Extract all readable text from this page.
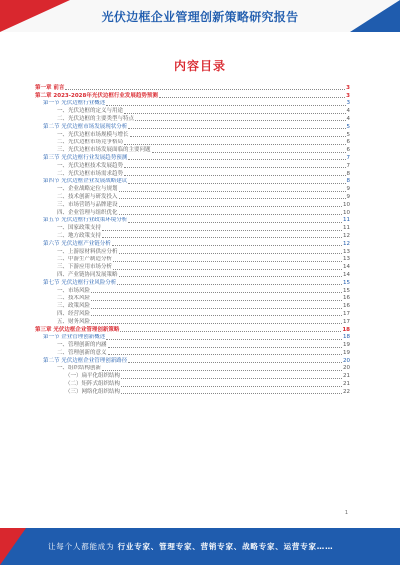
光伏边框企业管理创新策略研究报告
内容目录
第一章 前言	3
第二章 2023-2028年光伏边框行业发展趋势预测	3
第一节 光伏边框行业概述	3
一、光伏边框的定义与用途	4
二、光伏边框的主要类型与特点	4
第二节 光伏边框市场发展现状分析	5
一、光伏边框市场规模与增长	5
二、光伏边框市场竞争格局	6
三、光伏边框市场发展面临的主要问题	6
第三节 光伏边框行业发展趋势预测	7
一、光伏边框技术发展趋势	7
二、光伏边框市场需求趋势	8
第四节 光伏边框企业发展战略建议	8
一、企业战略定位与规划	9
二、技术创新与研发投入	9
三、市场营销与品牌建设	10
四、企业管理与组织优化	10
第五节 光伏边框行业政策环境分析	11
一、国家政策支持	11
二、地方政策支持	12
第六节 光伏边框产业链分析	12
一、上游原材料供应分析	13
二、中游生产制造分析	13
三、下游应用市场分析	14
四、产业链协同发展策略	14
第七节 光伏边框行业风险分析	15
一、市场风险	15
二、技术风险	16
三、政策风险	16
四、经营风险	17
五、财务风险	17
第三章 光伏边框企业管理创新策略	18
第一节 企业管理创新概述	18
一、管理创新的内涵	19
二、管理创新的意义	19
第二节 光伏边框企业管理创新路径	20
一、组织结构创新	20
（一）扁平化组织结构	21
（二）矩阵式组织结构	21
（三）网络化组织结构	22
1
让每个人都能成为 行业专家、管理专家、营销专家、战略专家、运营专家……
